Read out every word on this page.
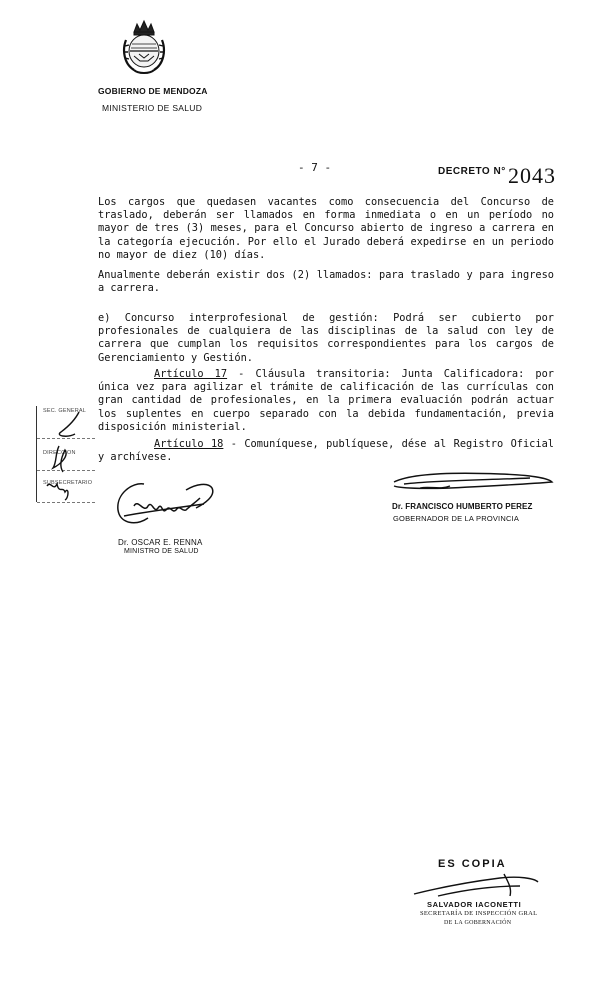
GOBIERNO DE MENDOZA
MINISTERIO DE SALUD
- 7 -	DECRETO N° 2043

Los cargos que quedasen vacantes como consecuencia del Concurso de traslado, deberán ser llamados en forma inmediata o en un período no mayor de tres (3) meses, para el Concurso abierto de ingreso a carrera en la categoría ejecución. Por ello el Jurado deberá expedirse en un periodo no mayor de diez (10) días.

Anualmente deberán existir dos (2) llamados: para traslado y para ingreso a carrera.

e) Concurso interprofesional de gestión: Podrá ser cubierto por profesionales de cualquiera de las disciplinas de la salud con ley de carrera que cumplan los requisitos correspondientes para los cargos de Gerenciamiento y Gestión.

Artículo 17 - Cláusula transitoria: Junta Calificadora: por única vez para agilizar el trámite de calificación de las currículas con gran cantidad de profesionales, en la primera evaluación podrán actuar los suplentes en cuerpo separado con la debida fundamentación, previa disposición ministerial.

Artículo 18 - Comuníquese, publíquese, dése al Registro Oficial y archívese.

SEC. GENERAL
DIRECCION
SUBSECRETARIO
Dr. FRANCISCO HUMBERTO PEREZ
GOBERNADOR DE LA PROVINCIA
Dr. OSCAR E. RENNA
MINISTRO DE SALUD
ES COPIA
SALVADOR IACONETTI
SECRETARÍA DE INSPECCIÓN GRAL
DE LA GOBERNACIÓN
